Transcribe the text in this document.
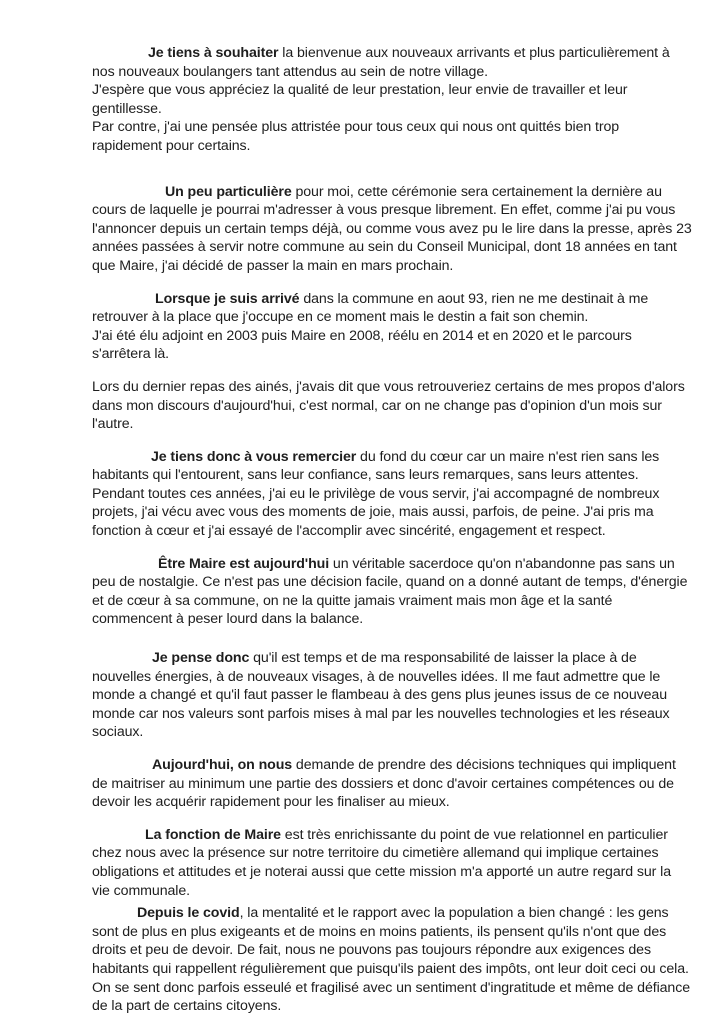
Je tiens à souhaiter la bienvenue aux nouveaux arrivants et plus particulièrement à nos nouveaux boulangers tant attendus au sein de notre village.

J'espère que vous appréciez la qualité de leur prestation, leur envie de travailler et leur gentillesse.

Par contre, j'ai une pensée plus attristée pour tous ceux qui nous ont quittés bien trop rapidement pour certains.

Un peu particulière pour moi, cette cérémonie sera certainement la dernière au cours de laquelle je pourrai m'adresser à vous presque librement. En effet, comme j'ai pu vous l'annoncer depuis un certain temps déjà, ou comme vous avez pu le lire dans la presse, après 23 années passées à servir notre commune au sein du Conseil Municipal, dont 18 années en tant que Maire, j'ai décidé de passer la main en mars prochain.

Lorsque je suis arrivé dans la commune en aout 93, rien ne me destinait à me retrouver à la place que j'occupe en ce moment mais le destin a fait son chemin.

J'ai été élu adjoint en 2003 puis Maire en 2008, réélu en 2014 et en 2020 et le parcours s'arrêtera là.

Lors du dernier repas des ainés, j'avais dit que vous retrouveriez certains de mes propos d'alors dans mon discours d'aujourd'hui, c'est normal, car on ne change pas d'opinion d'un mois sur l'autre.

Je tiens donc à vous remercier du fond du cœur car un maire n'est rien sans les habitants qui l'entourent, sans leur confiance, sans leurs remarques, sans leurs attentes. Pendant toutes ces années, j'ai eu le privilège de vous servir, j'ai accompagné de nombreux projets, j'ai vécu avec vous des moments de joie, mais aussi, parfois, de peine. J'ai pris ma fonction à cœur et j'ai essayé de l'accomplir avec sincérité, engagement et respect.

Être Maire est aujourd'hui un véritable sacerdoce qu'on n'abandonne pas sans un peu de nostalgie. Ce n'est pas une décision facile, quand on a donné autant de temps, d'énergie et de cœur à sa commune, on ne la quitte jamais vraiment mais mon âge et la santé commencent à peser lourd dans la balance.

Je pense donc qu'il est temps et de ma responsabilité de laisser la place à de nouvelles énergies, à de nouveaux visages, à de nouvelles idées. Il me faut admettre que le monde a changé et qu'il faut passer le flambeau à des gens plus jeunes issus de ce nouveau monde car nos valeurs sont parfois mises à mal par les nouvelles technologies et les réseaux sociaux.

Aujourd'hui, on nous demande de prendre des décisions techniques qui impliquent de maitriser au minimum une partie des dossiers et donc d'avoir certaines compétences ou de devoir les acquérir rapidement pour les finaliser au mieux.

La fonction de Maire est très enrichissante du point de vue relationnel en particulier chez nous avec la présence sur notre territoire du cimetière allemand qui implique certaines obligations et attitudes et je noterai aussi que cette mission m'a apporté un autre regard sur la vie communale.

Depuis le covid, la mentalité et le rapport avec la population a bien changé : les gens sont de plus en plus exigeants et de moins en moins patients, ils pensent qu'ils n'ont que des droits et peu de devoir. De fait, nous ne pouvons pas toujours répondre aux exigences des habitants qui rappellent régulièrement que puisqu'ils paient des impôts, ont leur doit ceci ou cela. On se sent donc parfois esseulé et fragilisé avec un sentiment d'ingratitude et même de défiance de la part de certains citoyens.
